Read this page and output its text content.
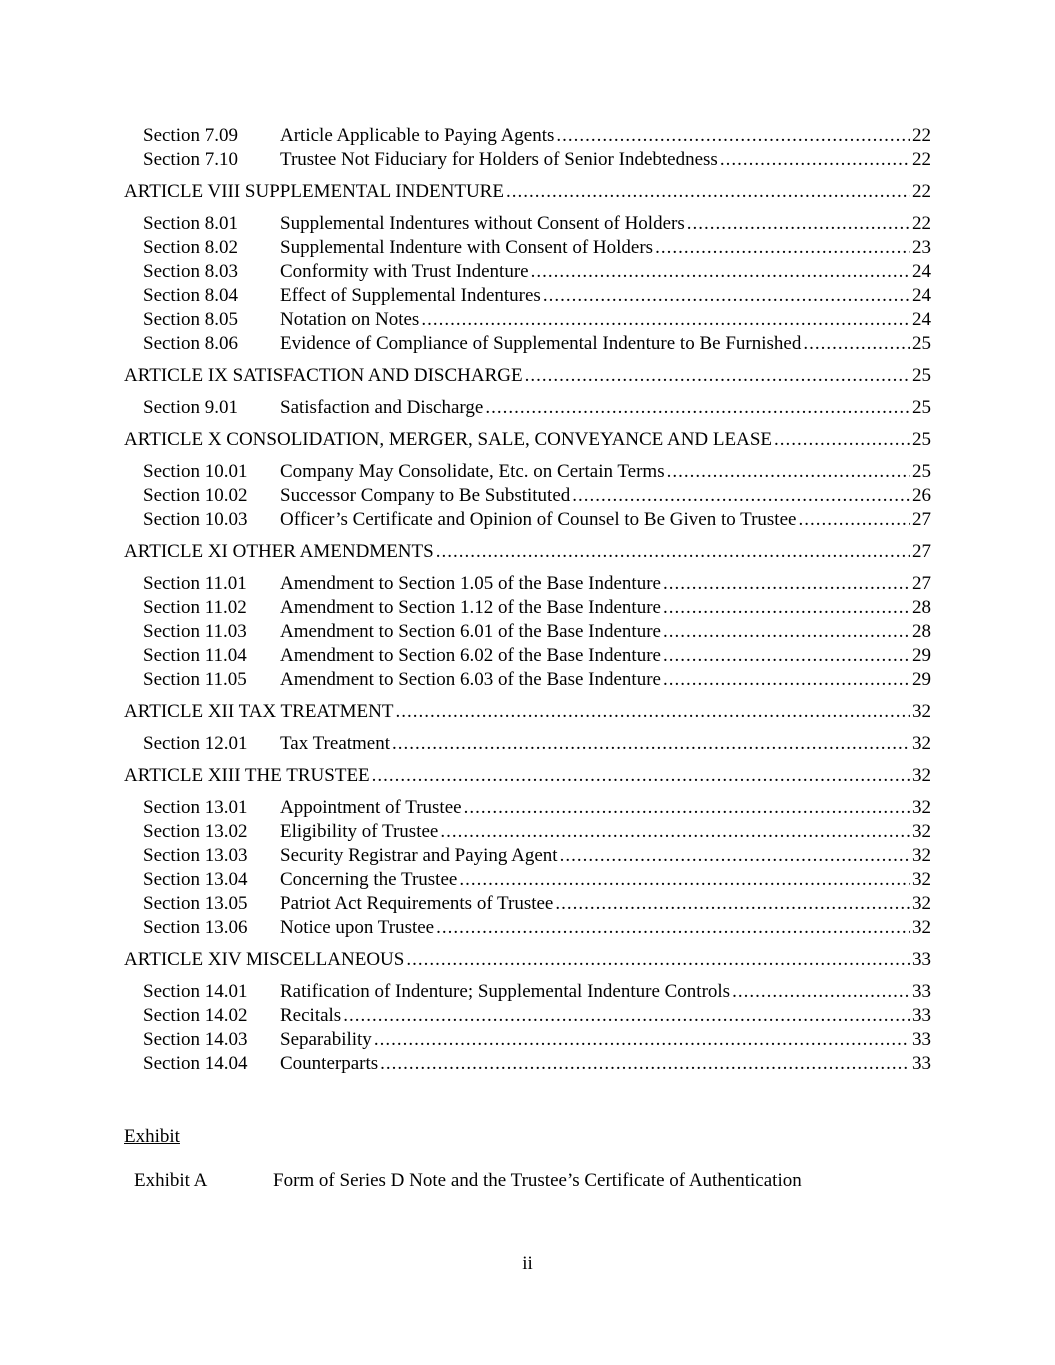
Section 7.09	Article Applicable to Paying Agents .....	22
Section 7.10	Trustee Not Fiduciary for Holders of Senior Indebtedness .....	22
ARTICLE VIII SUPPLEMENTAL INDENTURE .....	22
Section 8.01	Supplemental Indentures without Consent of Holders .....	22
Section 8.02	Supplemental Indenture with Consent of Holders .....	23
Section 8.03	Conformity with Trust Indenture .....	24
Section 8.04	Effect of Supplemental Indentures .....	24
Section 8.05	Notation on Notes .....	24
Section 8.06	Evidence of Compliance of Supplemental Indenture to Be Furnished .....	25
ARTICLE IX SATISFACTION AND DISCHARGE .....	25
Section 9.01	Satisfaction and Discharge .....	25
ARTICLE X CONSOLIDATION, MERGER, SALE, CONVEYANCE AND LEASE .....	25
Section 10.01	Company May Consolidate, Etc. on Certain Terms .....	25
Section 10.02	Successor Company to Be Substituted .....	26
Section 10.03	Officer’s Certificate and Opinion of Counsel to Be Given to Trustee .....	27
ARTICLE XI OTHER AMENDMENTS .....	27
Section 11.01	Amendment to Section 1.05 of the Base Indenture .....	27
Section 11.02	Amendment to Section 1.12 of the Base Indenture .....	28
Section 11.03	Amendment to Section 6.01 of the Base Indenture .....	28
Section 11.04	Amendment to Section 6.02 of the Base Indenture .....	29
Section 11.05	Amendment to Section 6.03 of the Base Indenture .....	29
ARTICLE XII TAX TREATMENT .....	32
Section 12.01	Tax Treatment .....	32
ARTICLE XIII THE TRUSTEE .....	32
Section 13.01	Appointment of Trustee .....	32
Section 13.02	Eligibility of Trustee .....	32
Section 13.03	Security Registrar and Paying Agent .....	32
Section 13.04	Concerning the Trustee .....	32
Section 13.05	Patriot Act Requirements of Trustee .....	32
Section 13.06	Notice upon Trustee .....	32
ARTICLE XIV MISCELLANEOUS .....	33
Section 14.01	Ratification of Indenture; Supplemental Indenture Controls .....	33
Section 14.02	Recitals .....	33
Section 14.03	Separability .....	33
Section 14.04	Counterparts .....	33
Exhibit
Exhibit A	Form of Series D Note and the Trustee’s Certificate of Authentication
ii
